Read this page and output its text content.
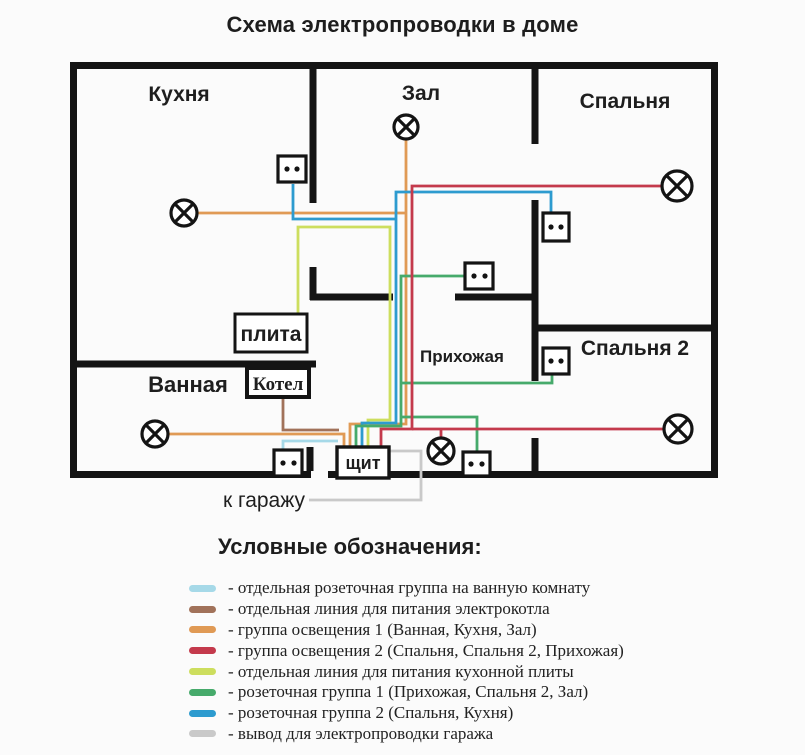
Схема электропроводки в доме
плита
Котел
щит
Кухня	Зал	Спальня
Ванная
Прихожая	Спальня 2
к гаражу
Условные обозначения:
- отдельная розеточная группа на ванную комнату
- отдельная линия для питания электрокотла
- группа освещения 1 (Ванная, Кухня, Зал)
- группа освещения 2 (Спальня, Спальня 2, Прихожая)
- отдельная линия для питания кухонной плиты
- розеточная группа 1 (Прихожая, Спальня 2, Зал)
- розеточная группа 2 (Спальня, Кухня)
- вывод для электропроводки гаража
